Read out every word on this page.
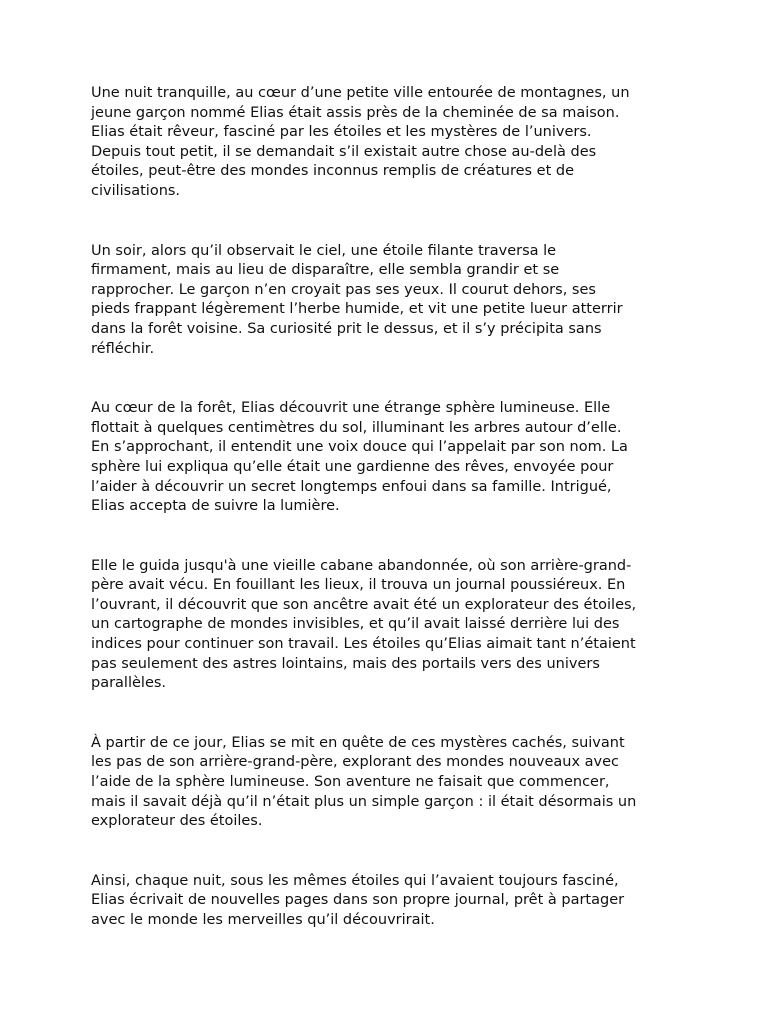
Une nuit tranquille, au cœur d’une petite ville entourée de montagnes, un
jeune garçon nommé Elias était assis près de la cheminée de sa maison.
Elias était rêveur, fasciné par les étoiles et les mystères de l’univers.
Depuis tout petit, il se demandait s’il existait autre chose au-delà des
étoiles, peut-être des mondes inconnus remplis de créatures et de
civilisations.

Un soir, alors qu’il observait le ciel, une étoile filante traversa le
firmament, mais au lieu de disparaître, elle sembla grandir et se
rapprocher. Le garçon n’en croyait pas ses yeux. Il courut dehors, ses
pieds frappant légèrement l’herbe humide, et vit une petite lueur atterrir
dans la forêt voisine. Sa curiosité prit le dessus, et il s’y précipita sans
réfléchir.

Au cœur de la forêt, Elias découvrit une étrange sphère lumineuse. Elle
flottait à quelques centimètres du sol, illuminant les arbres autour d’elle.
En s’approchant, il entendit une voix douce qui l’appelait par son nom. La
sphère lui expliqua qu’elle était une gardienne des rêves, envoyée pour
l’aider à découvrir un secret longtemps enfoui dans sa famille. Intrigué,
Elias accepta de suivre la lumière.

Elle le guida jusqu'à une vieille cabane abandonnée, où son arrière-grand-
père avait vécu. En fouillant les lieux, il trouva un journal poussiéreux. En
l’ouvrant, il découvrit que son ancêtre avait été un explorateur des étoiles,
un cartographe de mondes invisibles, et qu’il avait laissé derrière lui des
indices pour continuer son travail. Les étoiles qu’Elias aimait tant n’étaient
pas seulement des astres lointains, mais des portails vers des univers
parallèles.

À partir de ce jour, Elias se mit en quête de ces mystères cachés, suivant
les pas de son arrière-grand-père, explorant des mondes nouveaux avec
l’aide de la sphère lumineuse. Son aventure ne faisait que commencer,
mais il savait déjà qu’il n’était plus un simple garçon : il était désormais un
explorateur des étoiles.

Ainsi, chaque nuit, sous les mêmes étoiles qui l’avaient toujours fasciné,
Elias écrivait de nouvelles pages dans son propre journal, prêt à partager
avec le monde les merveilles qu’il découvrirait.
